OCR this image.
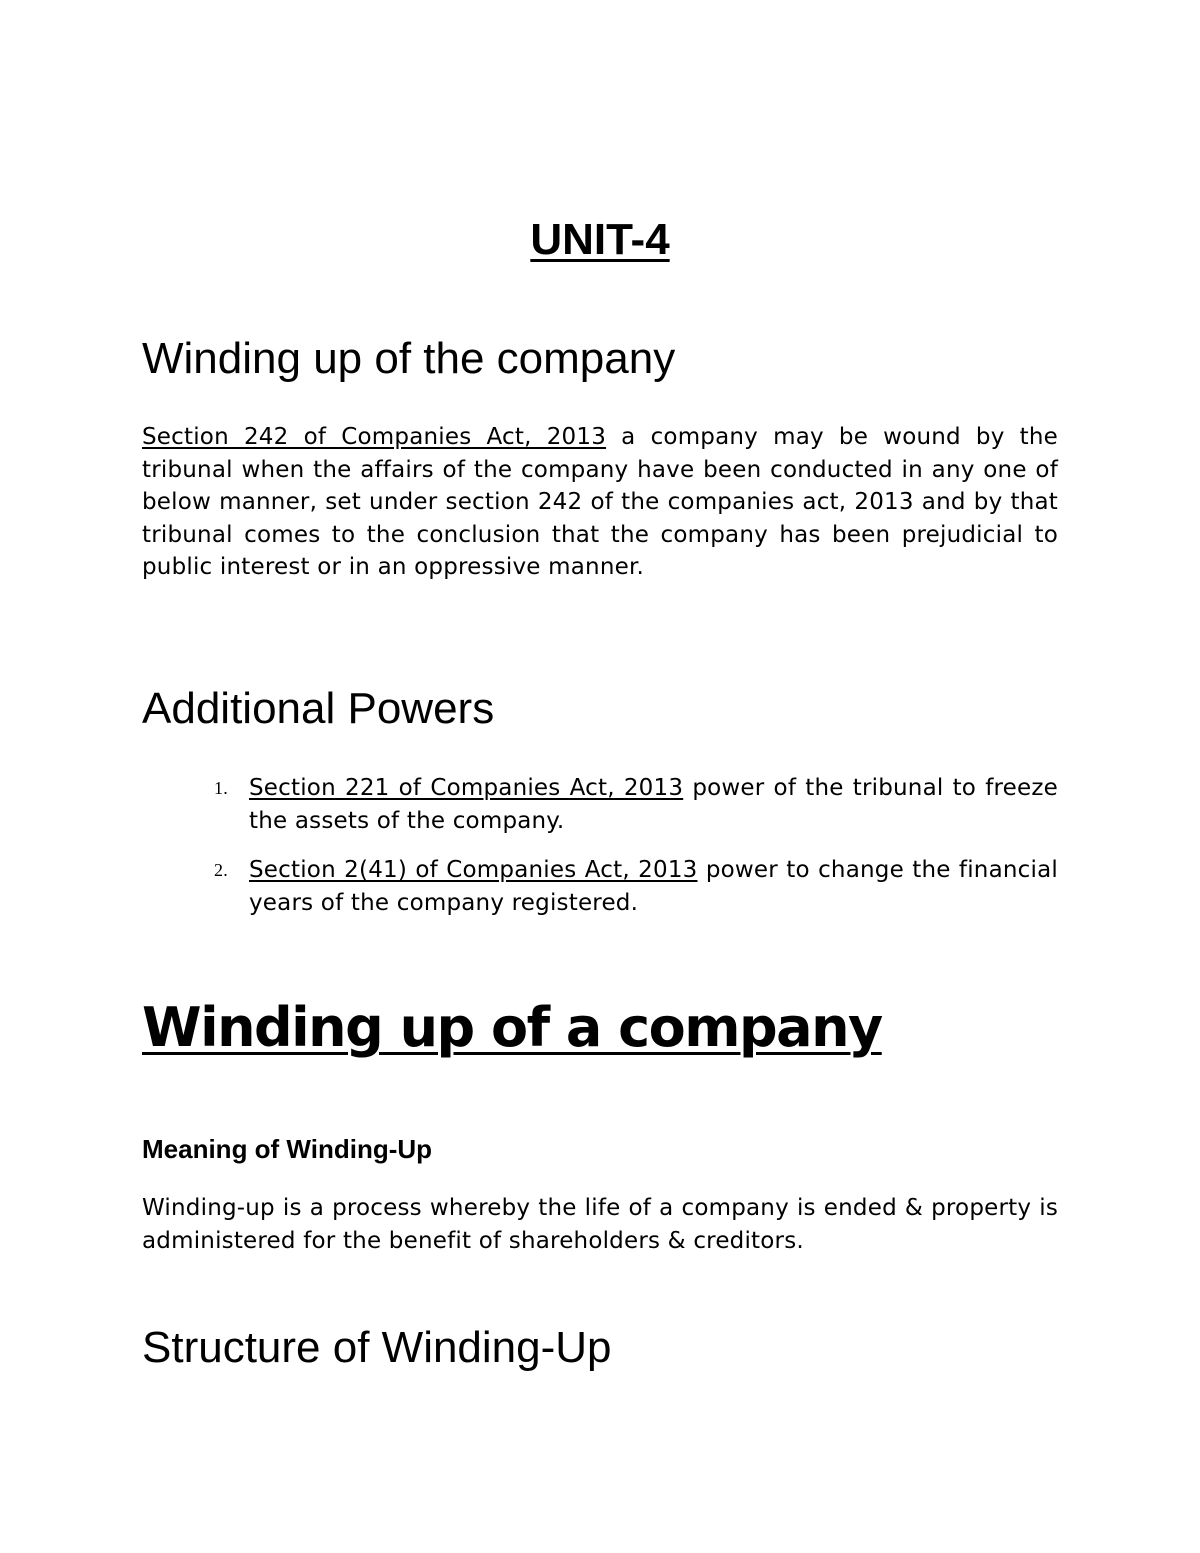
UNIT-4
Winding up of the company

Section 242 of Companies Act, 2013 a company may be wound by the tribunal when the affairs of the company have been conducted in any one of below manner, set under section 242 of the companies act, 2013 and by that tribunal comes to the conclusion that the company has been prejudicial to public interest or in an oppressive manner.

Additional Powers
1. Section 221 of Companies Act, 2013 power of the tribunal to freeze the assets of the company.
2. Section 2(41) of Companies Act, 2013 power to change the financial years of the company registered.
Winding up of a company
Meaning of Winding-Up

Winding-up is a process whereby the life of a company is ended & property is administered for the benefit of shareholders & creditors.

Structure of Winding-Up
